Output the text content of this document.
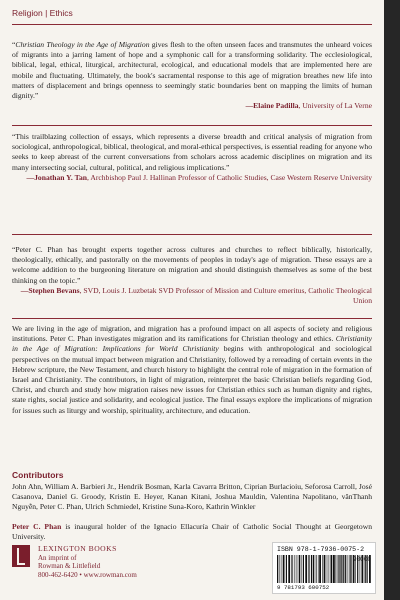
Religion | Ethics
“Christian Theology in the Age of Migration gives flesh to the often unseen faces and transmutes the unheard voices of migrants into a jarring lament of hope and a symphonic call for a transforming solidarity. The ecclesiological, biblical, legal, ethical, liturgical, architectural, ecological, and educational models that are implemented here are mobile and fluctuating. Ultimately, the book's sacramental response to this age of migration breathes new life into matters of displacement and brings openness to seemingly static boundaries bent on mapping the limits of human dignity.”
—Elaine Padilla, University of La Verne
“This trailblazing collection of essays, which represents a diverse breadth and critical analysis of migration from sociological, anthropological, biblical, theological, and moral-ethical perspectives, is essential reading for anyone who seeks to keep abreast of the current conversations from scholars across academic disciplines on migration and its many intersecting social, cultural, political, and religious implications.”
—Jonathan Y. Tan, Archbishop Paul J. Hallinan Professor of Catholic Studies, Case Western Reserve University
“Peter C. Phan has brought experts together across cultures and churches to reflect biblically, historically, theologically, ethically, and pastorally on the movements of peoples in today's age of migration. These essays are a welcome addition to the burgeoning literature on migration and should distinguish themselves as some of the best thinking on the topic.”
—Stephen Bevans, SVD, Louis J. Luzbetak SVD Professor of Mission and Culture emeritus, Catholic Theological Union
We are living in the age of migration, and migration has a profound impact on all aspects of society and religious institutions. Peter C. Phan investigates migration and its ramifications for Christian theology and ethics. Christianity in the Age of Migration: Implications for World Christianity begins with anthropological and sociological perspectives on the mutual impact between migration and Christianity, followed by a rereading of certain events in the Hebrew scripture, the New Testament, and church history to highlight the central role of migration in the formation of Israel and Christianity. The contributors, in light of migration, reinterpret the basic Christian beliefs regarding God, Christ, and church and study how migration raises new issues for Christian ethics such as human dignity and rights, state rights, social justice and solidarity, and ecological justice. The final essays explore the implications of migration for issues such as liturgy and worship, spirituality, architecture, and education.
Contributors
John Ahn, William A. Barbieri Jr., Hendrik Bosman, Karla Cavarra Britton, Ciprian Burlacioiu, Seforosa Carroll, José Casanova, Daniel G. Groody, Kristin E. Heyer, Kanan Kitani, Joshua Mauldin, Valentina Napolitano, vănThanh Nguyễn, Peter C. Phan, Ulrich Schmiedel, Kristine Suna-Koro, Kathrin Winkler
Peter C. Phan is inaugural holder of the Ignacio Ellacuría Chair of Catholic Social Thought at Georgetown University.
LEXINGTON BOOKS
An imprint of
Rowman & Littlefield
800-462-6420 • www.rowman.com
ISBN 978-1-7936-0075-2
9 781793 600752
